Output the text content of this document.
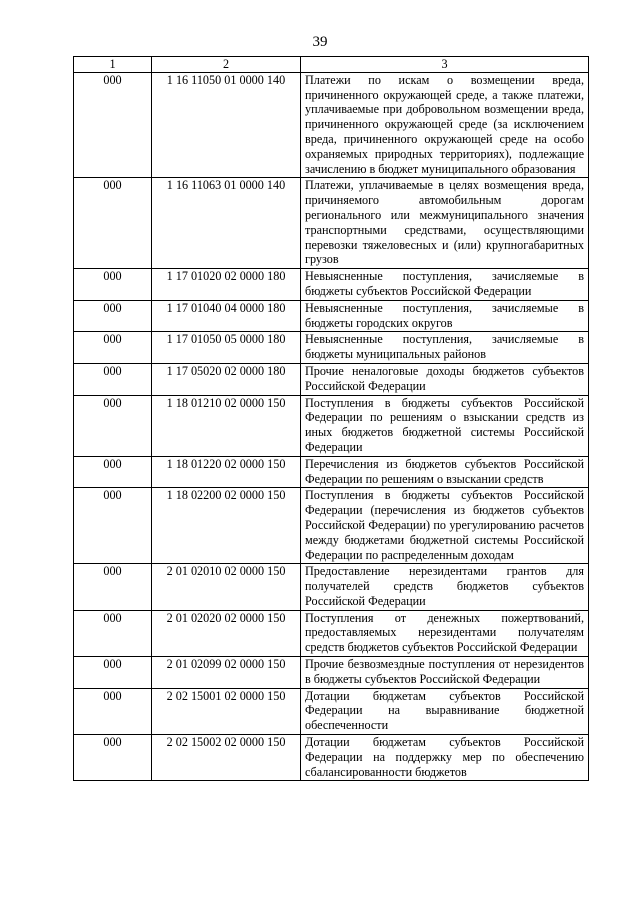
39
1	2	3
000	1 16 11050 01 0000 140	Платежи по искам о возмещении вреда, причиненного окружающей среде, а также платежи, уплачиваемые при добровольном возмещении вреда, причиненного окружающей среде (за исключением вреда, причиненного окружающей среде на особо охраняемых природных территориях), подлежащие зачислению в бюджет муниципального образования
000	1 16 11063 01 0000 140	Платежи, уплачиваемые в целях возмещения вреда, причиняемого автомобильным дорогам регионального или межмуниципального значения транспортными средствами, осуществляющими перевозки тяжеловесных и (или) крупногабаритных грузов
000	1 17 01020 02 0000 180	Невыясненные поступления, зачисляемые в бюджеты субъектов Российской Федерации
000	1 17 01040 04 0000 180	Невыясненные поступления, зачисляемые в бюджеты городских округов
000	1 17 01050 05 0000 180	Невыясненные поступления, зачисляемые в бюджеты муниципальных районов
000	1 17 05020 02 0000 180	Прочие неналоговые доходы бюджетов субъектов Российской Федерации
000	1 18 01210 02 0000 150	Поступления в бюджеты субъектов Российской Федерации по решениям о взыскании средств из иных бюджетов бюджетной системы Российской Федерации
000	1 18 01220 02 0000 150	Перечисления из бюджетов субъектов Российской Федерации по решениям о взыскании средств
000	1 18 02200 02 0000 150	Поступления в бюджеты субъектов Российской Федерации (перечисления из бюджетов субъектов Российской Федерации) по урегулированию расчетов между бюджетами бюджетной системы Российской Федерации по распределенным доходам
000	2 01 02010 02 0000 150	Предоставление нерезидентами грантов для получателей средств бюджетов субъектов Российской Федерации
000	2 01 02020 02 0000 150	Поступления от денежных пожертвований, предоставляемых нерезидентами получателям средств бюджетов субъектов Российской Федерации
000	2 01 02099 02 0000 150	Прочие безвозмездные поступления от нерезидентов в бюджеты субъектов Российской Федерации
000	2 02 15001 02 0000 150	Дотации бюджетам субъектов Российской Федерации на выравнивание бюджетной обеспеченности
000	2 02 15002 02 0000 150	Дотации бюджетам субъектов Российской Федерации на поддержку мер по обеспечению сбалансированности бюджетов
